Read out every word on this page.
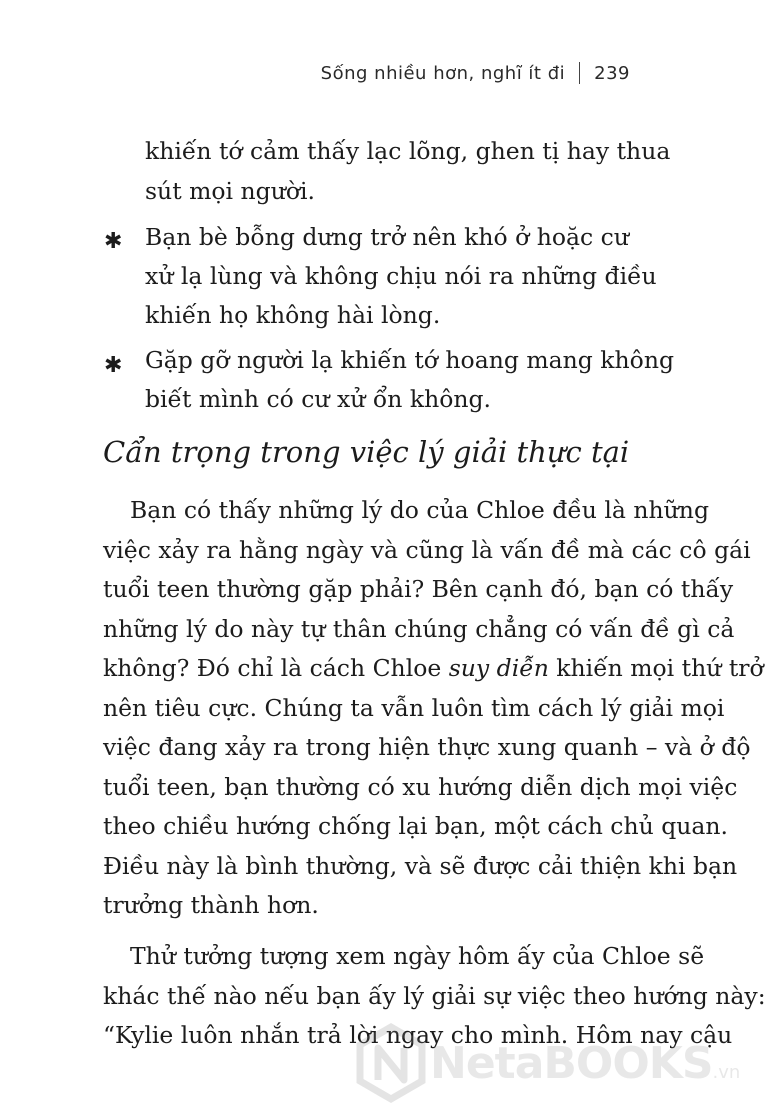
Sống nhiều hơn, nghĩ ít đi 239
khiến tớ cảm thấy lạc lõng, ghen tị hay thua
sút mọi người.
✱ Bạn bè bỗng dưng trở nên khó ở hoặc cư
xử lạ lùng và không chịu nói ra những điều
khiến họ không hài lòng.
✱ Gặp gỡ người lạ khiến tớ hoang mang không
biết mình có cư xử ổn không.
Cẩn trọng trong việc lý giải thực tại
Bạn có thấy những lý do của Chloe đều là những
việc xảy ra hằng ngày và cũng là vấn đề mà các cô gái
tuổi teen thường gặp phải? Bên cạnh đó, bạn có thấy
những lý do này tự thân chúng chẳng có vấn đề gì cả
không? Đó chỉ là cách Chloe suy diễn khiến mọi thứ trở
nên tiêu cực. Chúng ta vẫn luôn tìm cách lý giải mọi
việc đang xảy ra trong hiện thực xung quanh – và ở độ
tuổi teen, bạn thường có xu hướng diễn dịch mọi việc
theo chiều hướng chống lại bạn, một cách chủ quan.
Điều này là bình thường, và sẽ được cải thiện khi bạn
trưởng thành hơn.
Thử tưởng tượng xem ngày hôm ấy của Chloe sẽ
khác thế nào nếu bạn ấy lý giải sự việc theo hướng này:
“Kylie luôn nhắn trả lời ngay cho mình. Hôm nay cậu
NetaBOOKS.vn
